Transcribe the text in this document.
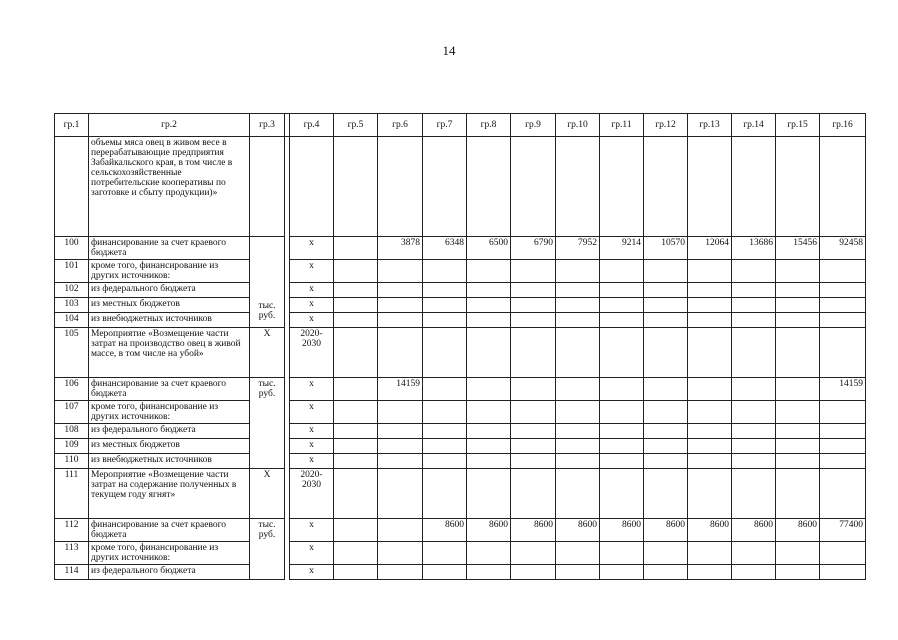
14
гр.1	гр.2	гр.3		гр.4	гр.5	гр.6	гр.7	гр.8	гр.9	гр.10	гр.11	гр.12	гр.13	гр.14	гр.15	гр.16
	объемы мяса овец в живом весе в перерабатывающие предприятия Забайкальского края, в том числе в сельскохозяйственные потребительские кооперативы по заготовке и сбыту продукции)»															
100	финансирование за счет краевого бюджета	тыс. руб.		x		3878	6348	6500	6790	7952	9214	10570	12064	13686	15456	92458
101	кроме того, финансирование из других источников:			x												
102	из федерального бюджета			x												
103	из местных бюджетов			x												
104	из внебюджетных источников			x												
105	Мероприятие «Возмещение части затрат на производство овец в живой массе, в том числе на убой»	X		2020-
2030												

106	финансирование за счет краевого бюджета	тыс. руб.		x		14159										14159
107	кроме того, финансирование из других источников:			x												
108	из федерального бюджета			x												
109	из местных бюджетов			x												
110	из внебюджетных источников			x												
111	Мероприятие «Возмещение части затрат на содержание полученных в текущем году ягнят»	X		2020-
2030												

112	финансирование за счет краевого бюджета	тыс. руб.		x			8600	8600	8600	8600	8600	8600	8600	8600	8600	77400
113	кроме того, финансирование из других источников:			x												
114	из федерального бюджета			x												
